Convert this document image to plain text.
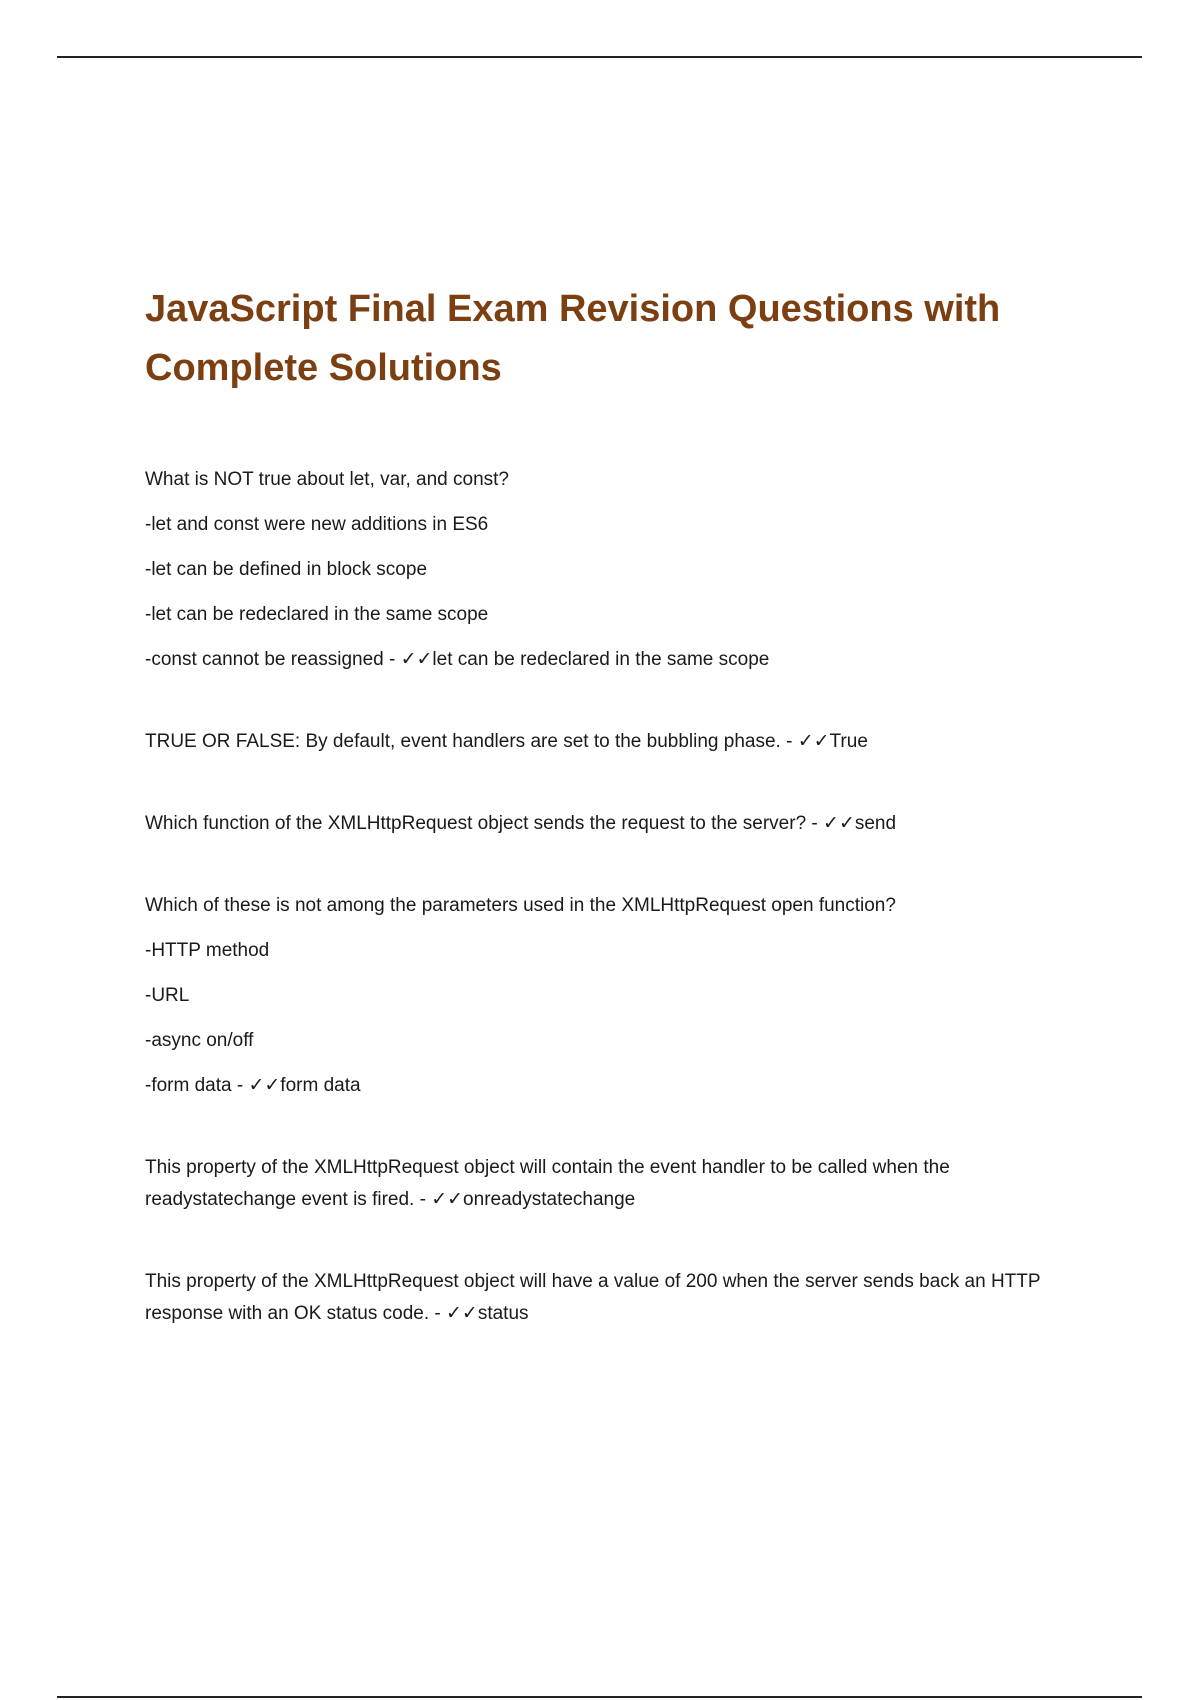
JavaScript Final Exam Revision Questions with
Complete Solutions
What is NOT true about let, var, and const?
-let and const were new additions in ES6
-let can be defined in block scope
-let can be redeclared in the same scope
-const cannot be reassigned - ✓✓let can be redeclared in the same scope
TRUE OR FALSE: By default, event handlers are set to the bubbling phase. - ✓✓True
Which function of the XMLHttpRequest object sends the request to the server? - ✓✓send
Which of these is not among the parameters used in the XMLHttpRequest open function?
-HTTP method
-URL
-async on/off
-form data - ✓✓form data

This property of the XMLHttpRequest object will contain the event handler to be called when the readystatechange event is fired. - ✓✓onreadystatechange

This property of the XMLHttpRequest object will have a value of 200 when the server sends back an HTTP response with an OK status code. - ✓✓status
